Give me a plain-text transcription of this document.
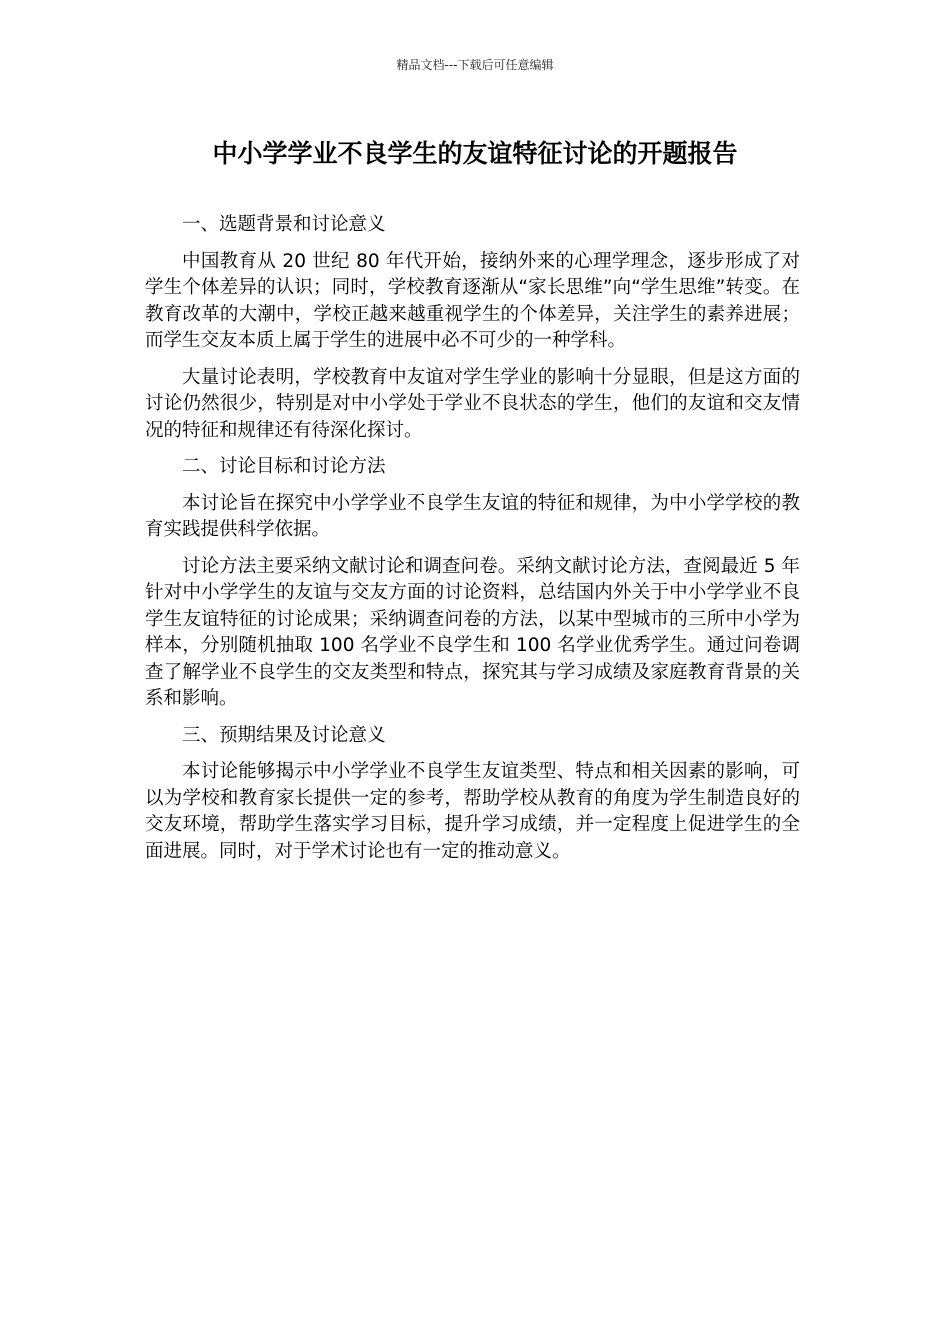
精品文档---下载后可任意编辑
中小学学业不良学生的友谊特征讨论的开题报告

一、选题背景和讨论意义

中国教育从 20 世纪 80 年代开始，接纳外来的心理学理念，逐步形成了对学生个体差异的认识；同时，学校教育逐渐从“家长思维”向“学生思维”转变。在教育改革的大潮中，学校正越来越重视学生的个体差异，关注学生的素养进展；而学生交友本质上属于学生的进展中必不可少的一种学科。

大量讨论表明，学校教育中友谊对学生学业的影响十分显眼，但是这方面的讨论仍然很少，特别是对中小学处于学业不良状态的学生，他们的友谊和交友情况的特征和规律还有待深化探讨。

二、讨论目标和讨论方法

本讨论旨在探究中小学学业不良学生友谊的特征和规律，为中小学学校的教育实践提供科学依据。

讨论方法主要采纳文献讨论和调查问卷。采纳文献讨论方法，查阅最近 5 年针对中小学学生的友谊与交友方面的讨论资料，总结国内外关于中小学学业不良学生友谊特征的讨论成果；采纳调查问卷的方法，以某中型城市的三所中小学为样本，分别随机抽取 100 名学业不良学生和 100 名学业优秀学生。通过问卷调查了解学业不良学生的交友类型和特点，探究其与学习成绩及家庭教育背景的关系和影响。

三、预期结果及讨论意义

本讨论能够揭示中小学学业不良学生友谊类型、特点和相关因素的影响，可以为学校和教育家长提供一定的参考，帮助学校从教育的角度为学生制造良好的交友环境，帮助学生落实学习目标，提升学习成绩，并一定程度上促进学生的全面进展。同时，对于学术讨论也有一定的推动意义。
